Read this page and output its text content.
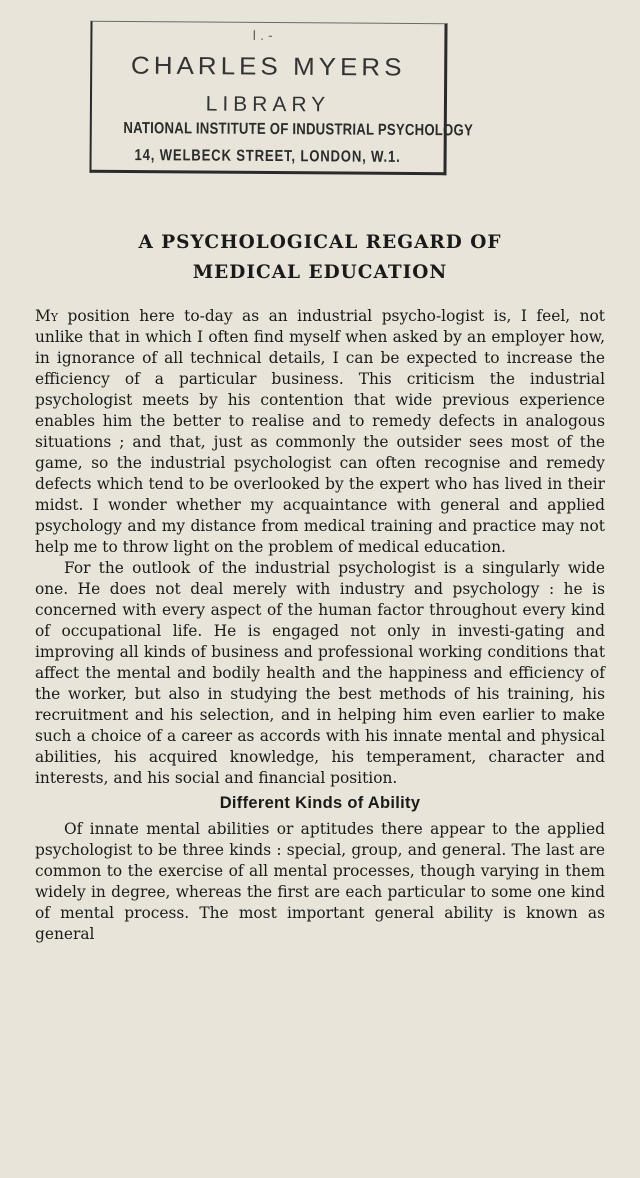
I . -
CHARLES MYERS
LIBRARY
NATIONAL INSTITUTE OF INDUSTRIAL PSYCHOLOGY
14, WELBECK STREET, LONDON, W.1.
A PSYCHOLOGICAL REGARD OF
MEDICAL EDUCATION

My position here to-day as an industrial psycho-logist is, I feel, not unlike that in which I often find myself when asked by an employer how, in ignorance of all technical details, I can be expected to increase the efficiency of a particular business. This criticism the industrial psychologist meets by his contention that wide previous experience enables him the better to realise and to remedy defects in analogous situations ; and that, just as commonly the outsider sees most of the game, so the industrial psychologist can often recognise and remedy defects which tend to be overlooked by the expert who has lived in their midst. I wonder whether my acquaintance with general and applied psychology and my distance from medical training and practice may not help me to throw light on the problem of medical education.

For the outlook of the industrial psychologist is a singularly wide one. He does not deal merely with industry and psychology : he is concerned with every aspect of the human factor throughout every kind of occupational life. He is engaged not only in investi-gating and improving all kinds of business and professional working conditions that affect the mental and bodily health and the happiness and efficiency of the worker, but also in studying the best methods of his training, his recruitment and his selection, and in helping him even earlier to make such a choice of a career as accords with his innate mental and physical abilities, his acquired knowledge, his temperament, character and interests, and his social and financial position.

Different Kinds of Ability

Of innate mental abilities or aptitudes there appear to the applied psychologist to be three kinds : special, group, and general. The last are common to the exercise of all mental processes, though varying in them widely in degree, whereas the first are each particular to some one kind of mental process. The most important general ability is known as general
